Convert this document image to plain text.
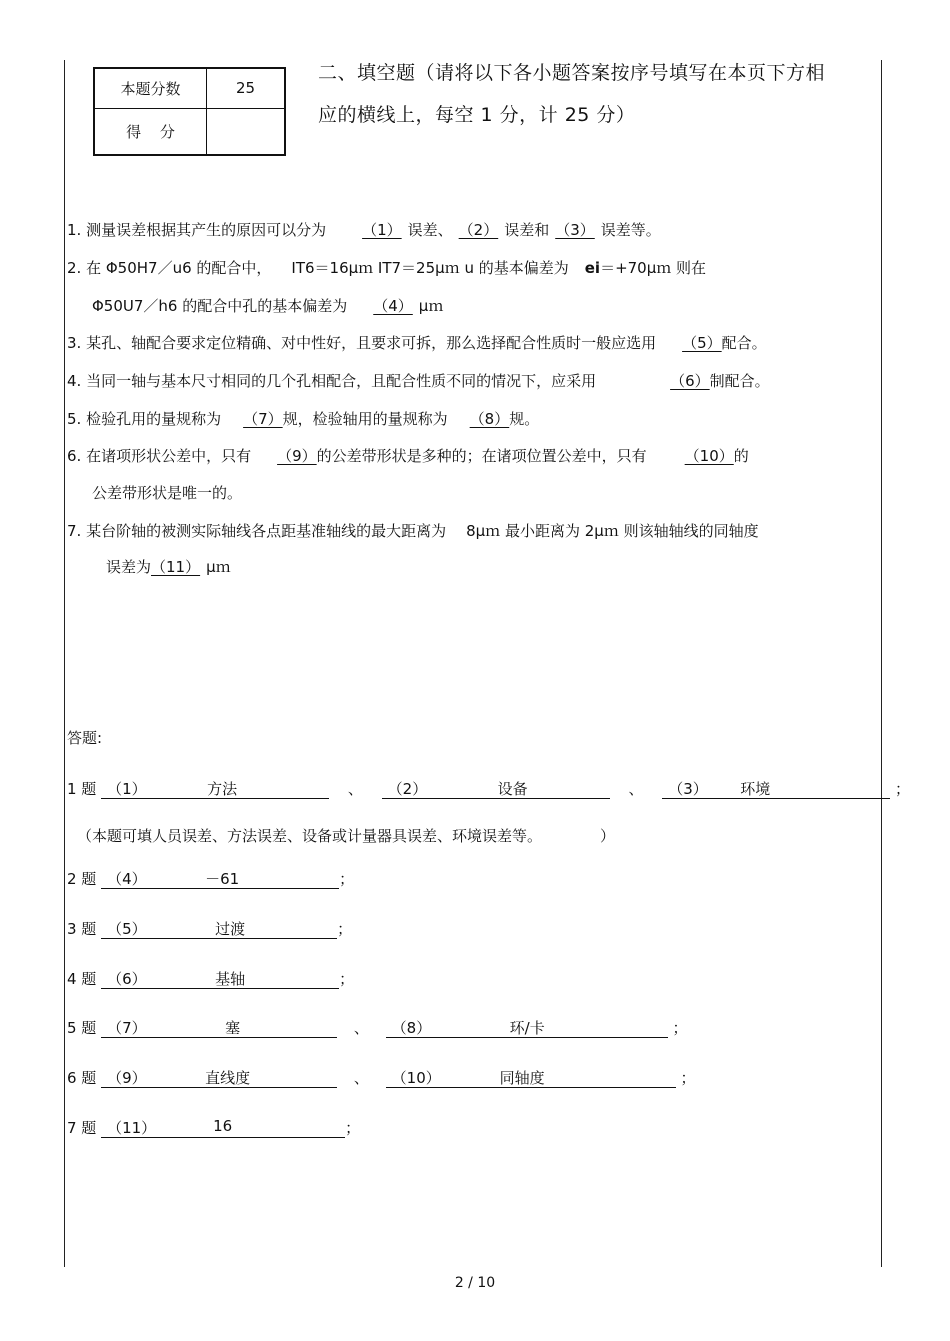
本题分数	25
得 分	
二、填空题（请将以下各小题答案按序号填写在本页下方相
应的横线上，每空 1 分，计 25 分）
1. 测量误差根据其产生的原因可以分为 （1） 误差、 （2） 误差和 （3） 误差等。
2. 在 Φ50H7／u6 的配合中， IT6＝16μｍ IT7＝25μｍ u 的基本偏差为 ei＝+70μｍ 则在
Φ50U7／h6 的配合中孔的基本偏差为 （4） μｍ
3. 某孔、轴配合要求定位精确、对中性好，且要求可拆，那么选择配合性质时一般应选用 （5）配合。
4. 当同一轴与基本尺寸相同的几个孔相配合，且配合性质不同的情况下，应采用	（6）制配合。
5. 检验孔用的量规称为 （7）规，检验轴用的量规称为 （8）规。
6. 在诸项形状公差中，只有 （9）的公差带形状是多种的；在诸项位置公差中，只有	（10）的
公差带形状是唯一的。
7. 某台阶轴的被测实际轴线各点距基准轴线的最大距离为 8μｍ 最小距离为 2μｍ 则该轴轴线的同轴度
误差为（11） μｍ
答题:
1 题 （1）	方法	、 （2）	设备	、 （3） 环境	；
（本题可填人员误差、方法误差、设备或计量器具误差、环境误差等。	）
2 题 （4）	－61	；
3 题 （5）	过渡	；
4 题 （6）	基轴	；
5 题 （7）	塞	、 （8）	环/卡	；
6 题 （9）	直线度	、 （10）	同轴度	；
7 题 （11）	16	；
2 / 10
